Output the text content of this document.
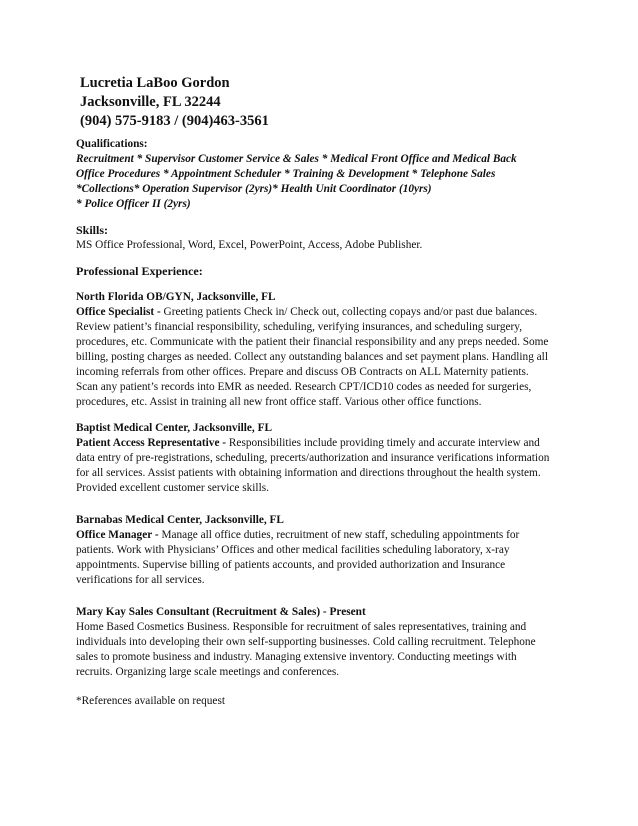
Lucretia LaBoo Gordon
Jacksonville, FL 32244
(904) 575-9183 / (904)463-3561
Qualifications:
Recruitment * Supervisor Customer Service & Sales * Medical Front Office and Medical Back
Office Procedures * Appointment Scheduler * Training & Development * Telephone Sales
*Collections* Operation Supervisor (2yrs)* Health Unit Coordinator (10yrs)
* Police Officer II (2yrs)
Skills:
MS Office Professional, Word, Excel, PowerPoint, Access, Adobe Publisher.
Professional Experience:
North Florida OB/GYN, Jacksonville, FL
Office Specialist - Greeting patients Check in/ Check out, collecting copays and/or past due balances.
Review patient’s financial responsibility, scheduling, verifying insurances, and scheduling surgery,
procedures, etc. Communicate with the patient their financial responsibility and any preps needed. Some
billing, posting charges as needed. Collect any outstanding balances and set payment plans. Handling all
incoming referrals from other offices. Prepare and discuss OB Contracts on ALL Maternity patients.
Scan any patient’s records into EMR as needed. Research CPT/ICD10 codes as needed for surgeries,
procedures, etc. Assist in training all new front office staff. Various other office functions.
Baptist Medical Center, Jacksonville, FL
Patient Access Representative - Responsibilities include providing timely and accurate interview and
data entry of pre-registrations, scheduling, precerts/authorization and insurance verifications information
for all services. Assist patients with obtaining information and directions throughout the health system.
Provided excellent customer service skills.
Barnabas Medical Center, Jacksonville, FL
Office Manager - Manage all office duties, recruitment of new staff, scheduling appointments for
patients. Work with Physicians’ Offices and other medical facilities scheduling laboratory, x-ray
appointments. Supervise billing of patients accounts, and provided authorization and Insurance
verifications for all services.
Mary Kay Sales Consultant (Recruitment & Sales) - Present
Home Based Cosmetics Business. Responsible for recruitment of sales representatives, training and
individuals into developing their own self-supporting businesses. Cold calling recruitment. Telephone
sales to promote business and industry. Managing extensive inventory. Conducting meetings with
recruits. Organizing large scale meetings and conferences.
*References available on request
